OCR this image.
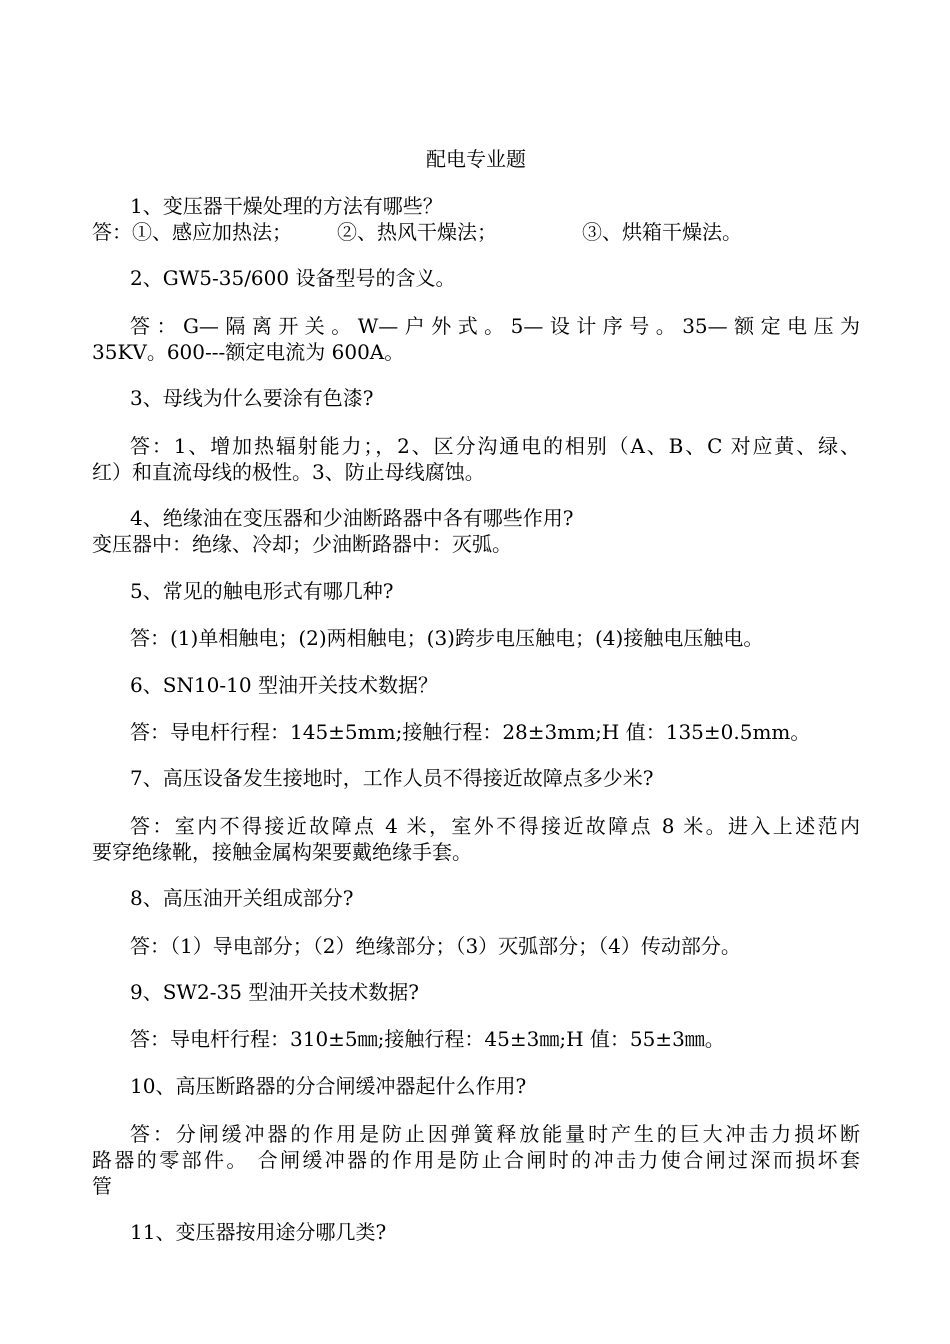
配电专业题
1、变压器干燥处理的方法有哪些？
答： ①、感应加热法； ②、热风干燥法；	③、烘箱干燥法。
2、GW5-35/600 设备型号的含义。
答：G—隔离开关。W—户外式。5—设计序号。35—额定电压为
35KV。600---额定电流为 600A。
3、母线为什么要涂有色漆?
答：1、增加热辐射能力；，2、区分沟通电的相别（A、B、C 对应黄、绿、
红）和直流母线的极性。3、防止母线腐蚀。
4、绝缘油在变压器和少油断路器中各有哪些作用?
变压器中：绝缘、冷却；少油断路器中：灭弧。
5、常见的触电形式有哪几种?
答：(1)单相触电；(2)两相触电；(3)跨步电压触电；(4)接触电压触电。
6、SN10-10 型油开关技术数据？
答：导电杆行程：145±5mm;接触行程：28±3mm;H 值：135±0.5mm。
7、高压设备发生接地时，工作人员不得接近故障点多少米?
答：室内不得接近故障点 4 米，室外不得接近故障点 8 米。进入上述范内
要穿绝缘靴，接触金属构架要戴绝缘手套。
8、高压油开关组成部分?
答：（1）导电部分；（2）绝缘部分；（3）灭弧部分；（4）传动部分。
9、SW2-35 型油开关技术数据?
答：导电杆行程：310±5㎜;接触行程：45±3㎜;H 值：55±3㎜。
10、高压断路器的分合闸缓冲器起什么作用?
答：分闸缓冲器的作用是防止因弹簧释放能量时产生的巨大冲击力损坏断
路器的零部件。 合闸缓冲器的作用是防止合闸时的冲击力使合闸过深而损坏套
管
11、变压器按用途分哪几类?
